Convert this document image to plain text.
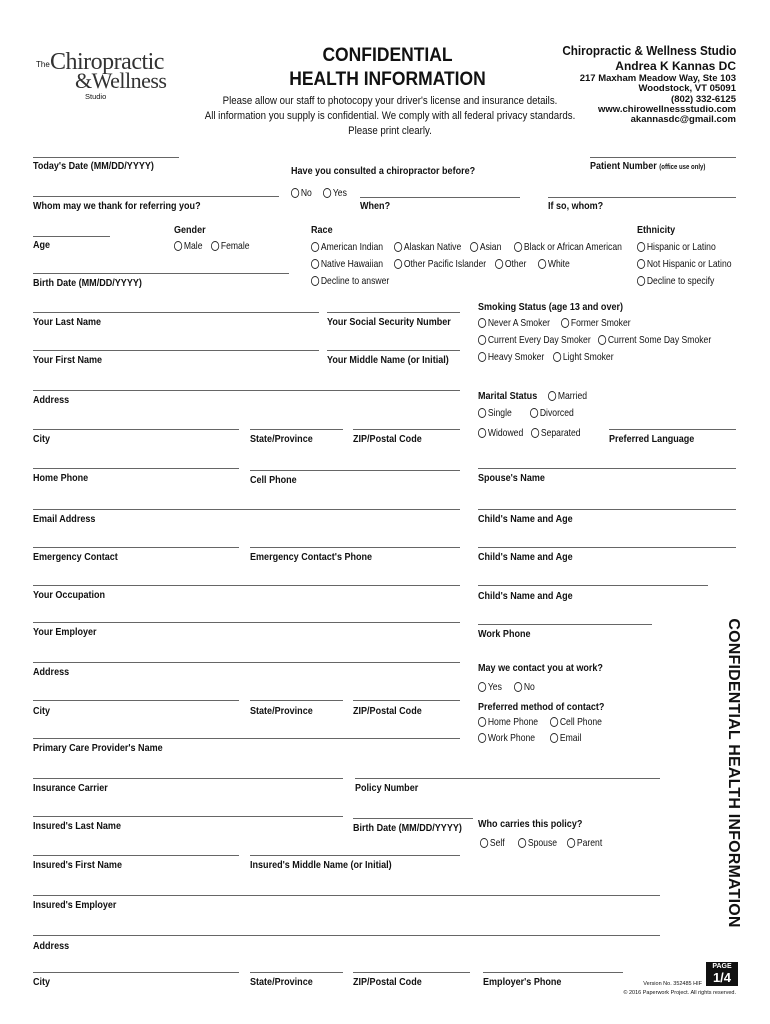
The Chiropractic
&Wellness
Studio
CONFIDENTIAL
HEALTH INFORMATION
Please allow our staff to photocopy your driver's license and insurance details.
All information you supply is confidential. We comply with all federal privacy standards.
Please print clearly.
Chiropractic & Wellness Studio
Andrea K Kannas DC
217 Maxham Meadow Way, Ste 103
Woodstock, VT 05091
(802) 332-6125
www.chirowellnessstudio.com
akannasdc@gmail.com
Today's Date (MM/DD/YYYY)	Have you consulted a chiropractor before?	Patient Number (office use only)
No Yes
Whom may we thank for referring you?	When?	If so, whom?
Gender
Male Female
Age
Race
American Indian Alaskan Native Asian Black or African American
Native Hawaiian Other Pacific Islander Other White
Decline to answer
Ethnicity
Hispanic or Latino
Not Hispanic or Latino
Decline to specify
Birth Date (MM/DD/YYYY)
Smoking Status (age 13 and over)
Never A Smoker Former Smoker
Current Every Day Smoker Current Some Day Smoker
Heavy Smoker Light Smoker
Your Last Name	Your Social Security Number
Your First Name	Your Middle Name (or Initial)
Address	Marital Status Married
Single	Divorced
Widowed Separated
City	State/Province	ZIP/Postal Code	Preferred Language
Home Phone	Cell Phone	Spouse's Name
Email Address	Child's Name and Age
Emergency Contact	Emergency Contact's Phone	Child's Name and Age
Your Occupation	Child's Name and Age
Your Employer	Work Phone
Address	May we contact you at work?
Yes No
City	State/Province	ZIP/Postal Code	Preferred method of contact?
Home Phone Cell Phone
Work Phone Email
Primary Care Provider's Name
Insurance Carrier	Policy Number
Insured's Last Name	Birth Date (MM/DD/YYYY) Who carries this policy?
Self Spouse Parent
Insured's First Name	Insured's Middle Name (or Initial)
Insured's Employer
Address
City	State/Province	ZIP/Postal Code	Employer's Phone
CONFIDENTIAL HEALTH INFORMATION
PAGE
1/4
Version No. 352485 HIF
© 2016 Paperwork Project. All rights reserved.
